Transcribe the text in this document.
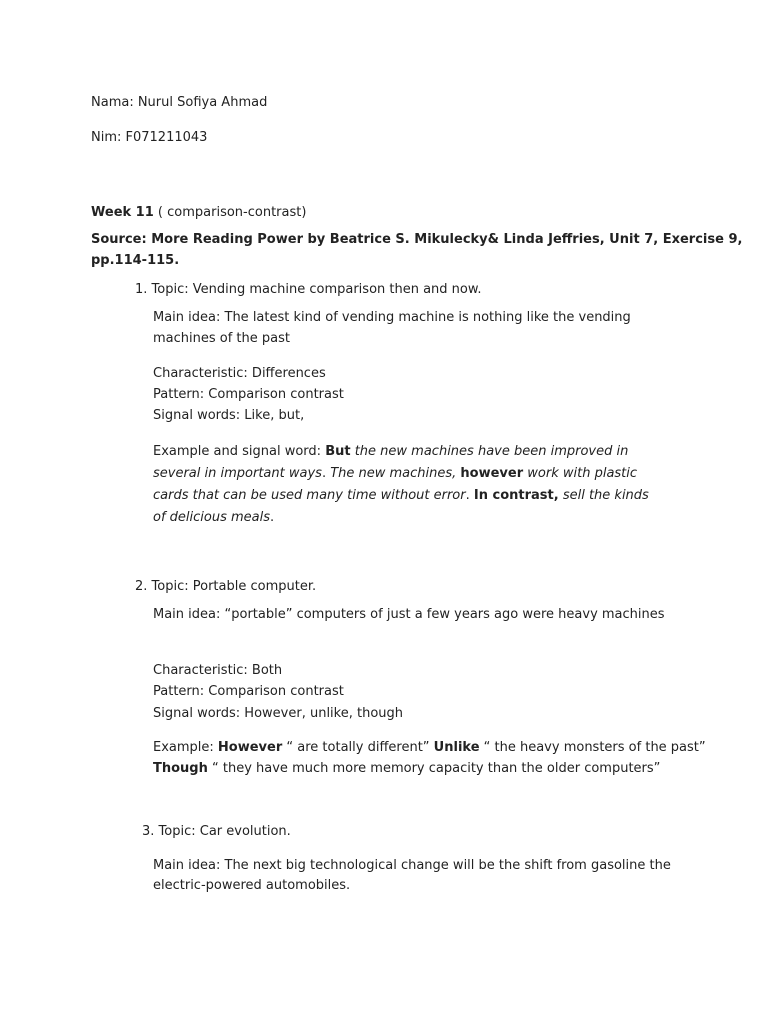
Nama: Nurul Sofiya Ahmad
Nim: F071211043
Week 11 ( comparison-contrast)
Source: More Reading Power by Beatrice S. Mikulecky& Linda Jeffries, Unit 7, Exercise 9,
pp.114-115.
1. Topic: Vending machine comparison then and now.
Main idea: The latest kind of vending machine is nothing like the vending
machines of the past
Characteristic: Differences
Pattern: Comparison contrast
Signal words: Like, but,
Example and signal word: But the new machines have been improved in
several in important ways. The new machines, however work with plastic
cards that can be used many time without error. In contrast, sell the kinds
of delicious meals.
2. Topic: Portable computer.
Main idea: “portable” computers of just a few years ago were heavy machines
Characteristic: Both
Pattern: Comparison contrast
Signal words: However, unlike, though
Example: However “ are totally different” Unlike “ the heavy monsters of the past”
Though “ they have much more memory capacity than the older computers”
3. Topic: Car evolution.
Main idea: The next big technological change will be the shift from gasoline the
electric-powered automobiles.
